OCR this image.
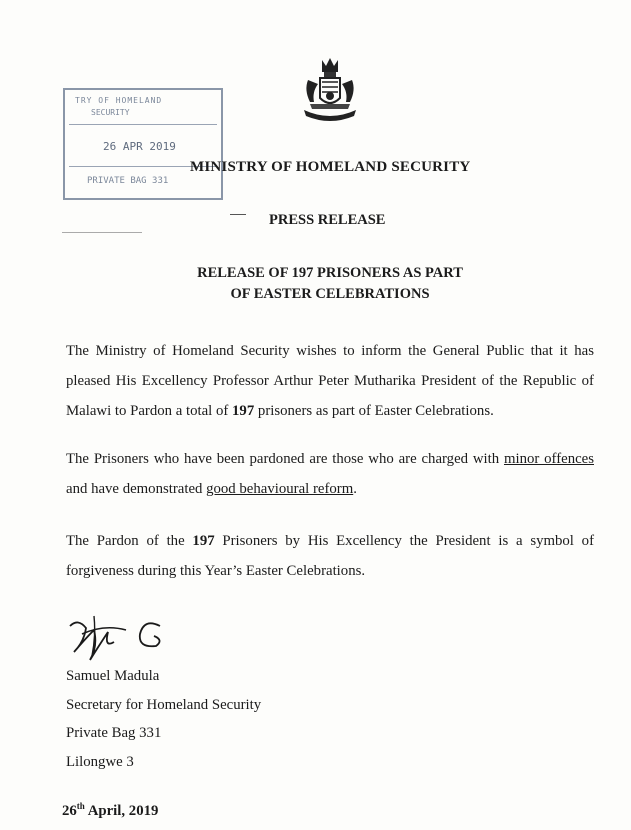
TRY OF HOMELAND
SECURITY
26 APR 2019
PRIVATE BAG 331
MINISTRY OF HOMELAND SECURITY
PRESS RELEASE
RELEASE OF 197 PRISONERS AS PART
OF EASTER CELEBRATIONS
The Ministry of Homeland Security wishes to inform the General Public that it has pleased His Excellency Professor Arthur Peter Mutharika President of the Republic of Malawi to Pardon a total of 197 prisoners as part of Easter Celebrations.
The Prisoners who have been pardoned are those who are charged with minor offences and have demonstrated good behavioural reform.
The Pardon of the 197 Prisoners by His Excellency the President is a symbol of forgiveness during this Year’s Easter Celebrations.
Samuel Madula
Secretary for Homeland Security
Private Bag 331
Lilongwe 3
26th April, 2019
